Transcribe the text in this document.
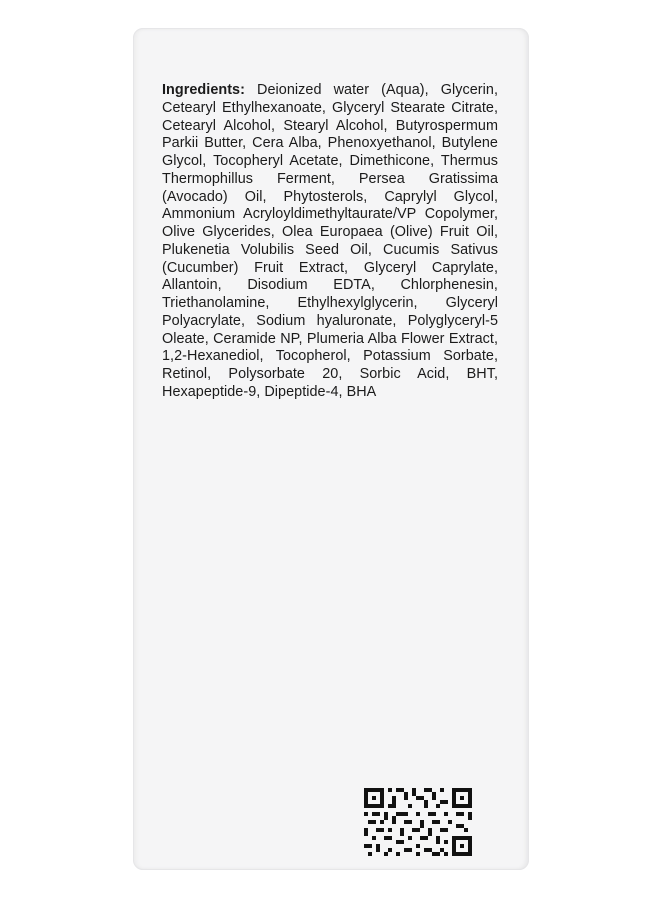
Ingredients: Deionized water (Aqua), Glycerin, Cetearyl Ethylhexanoate, Glyceryl Stearate Citrate, Cetearyl Alcohol, Stearyl Alcohol, Butyrospermum Parkii Butter, Cera Alba, Phenoxyethanol, Butylene Glycol, Tocopheryl Acetate, Dimethicone, Thermus Thermophillus Ferment, Persea Gratissima (Avocado) Oil, Phytosterols, Caprylyl Glycol, Ammonium Acryloyldimethyltaurate/VP Copolymer, Olive Glycerides, Olea Europaea (Olive) Fruit Oil, Plukenetia Volubilis Seed Oil, Cucumis Sativus (Cucumber) Fruit Extract, Glyceryl Caprylate, Allantoin, Disodium EDTA, Chlorphenesin, Triethanolamine, Ethylhexylglycerin, Glyceryl Polyacrylate, Sodium hyaluronate, Polyglyceryl-5 Oleate, Ceramide NP, Plumeria Alba Flower Extract, 1,2-Hexanediol, Tocopherol, Potassium Sorbate, Retinol, Polysorbate 20, Sorbic Acid, BHT, Hexapeptide-9, Dipeptide-4, BHA
